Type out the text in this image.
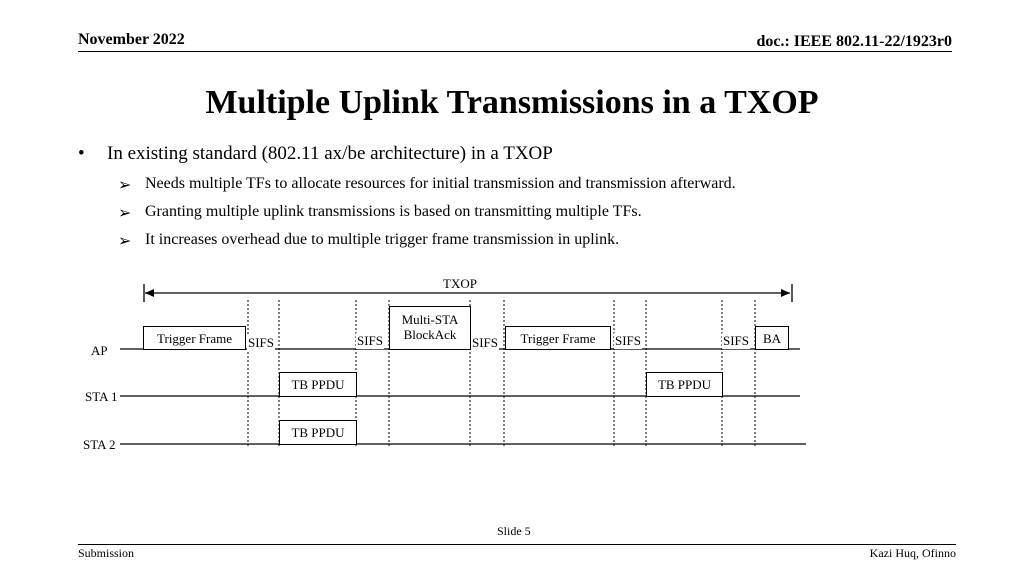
November 2022	doc.: IEEE 802.11-22/1923r0
Multiple Uplink Transmissions in a TXOP
• In existing standard (802.11 ax/be architecture) in a TXOP
➢ Needs multiple TFs to allocate resources for initial transmission and transmission afterward.
➢ Granting multiple uplink transmissions is based on transmitting multiple TFs.
➢ It increases overhead due to multiple trigger frame transmission in uplink.
TXOP
AP
STA 1
STA 2
Trigger Frame
Multi-STA
BlockAck	Trigger Frame	BA
SIFS	SIFS	SIFS	SIFS	SIFS
TB PPDU	TB PPDU
TB PPDU
Slide 5
Submission	Kazi Huq, Ofinno
